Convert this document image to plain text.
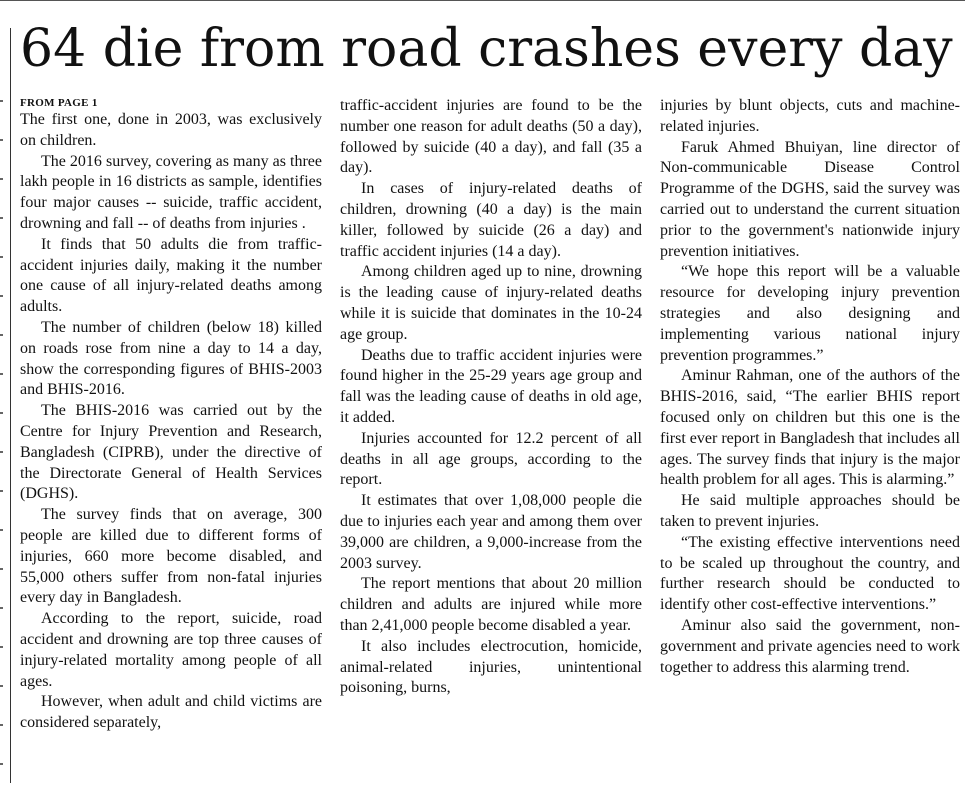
64 die from road crashes every day
FROM PAGE 1

The first one, done in 2003, was exclusively on children.

The 2016 survey, covering as many as three lakh people in 16 districts as sample, identifies four major causes -- suicide, traffic accident, drowning and fall -- of deaths from injuries .

It finds that 50 adults die from traffic-accident injuries daily, making it the number one cause of all injury-related deaths among adults.

The number of children (below 18) killed on roads rose from nine a day to 14 a day, show the corresponding figures of BHIS-2003 and BHIS-2016.

The BHIS-2016 was carried out by the Centre for Injury Prevention and Research, Bangladesh (CIPRB), under the directive of the Directorate General of Health Services (DGHS).

The survey finds that on average, 300 people are killed due to different forms of injuries, 660 more become disabled, and 55,000 others suffer from non-fatal injuries every day in Bangladesh.

According to the report, suicide, road accident and drowning are top three causes of injury-related mortality among people of all ages.

However, when adult and child victims are considered separately,

traffic-accident injuries are found to be the number one reason for adult deaths (50 a day), followed by suicide (40 a day), and fall (35 a day).

In cases of injury-related deaths of children, drowning (40 a day) is the main killer, followed by suicide (26 a day) and traffic accident injuries (14 a day).

Among children aged up to nine, drowning is the leading cause of injury-related deaths while it is suicide that dominates in the 10-24 age group.

Deaths due to traffic accident injuries were found higher in the 25-29 years age group and fall was the leading cause of deaths in old age, it added.

Injuries accounted for 12.2 percent of all deaths in all age groups, according to the report.

It estimates that over 1,08,000 people die due to injuries each year and among them over 39,000 are children, a 9,000-increase from the 2003 survey.

The report mentions that about 20 million children and adults are injured while more than 2,41,000 people become disabled a year.

It also includes electrocution, homicide, animal-related injuries, unintentional poisoning, burns,

injuries by blunt objects, cuts and machine-related injuries.

Faruk Ahmed Bhuiyan, line director of Non-communicable Disease Control Programme of the DGHS, said the survey was carried out to understand the current situation prior to the government's nationwide injury prevention initiatives.

“We hope this report will be a valuable resource for developing injury prevention strategies and also designing and implementing various national injury prevention programmes.”

Aminur Rahman, one of the authors of the BHIS-2016, said, “The earlier BHIS report focused only on children but this one is the first ever report in Bangladesh that includes all ages. The survey finds that injury is the major health problem for all ages. This is alarming.”

He said multiple approaches should be taken to prevent injuries.

“The existing effective interventions need to be scaled up throughout the country, and further research should be conducted to identify other cost-effective interventions.”

Aminur also said the government, non-government and private agencies need to work together to address this alarming trend.
